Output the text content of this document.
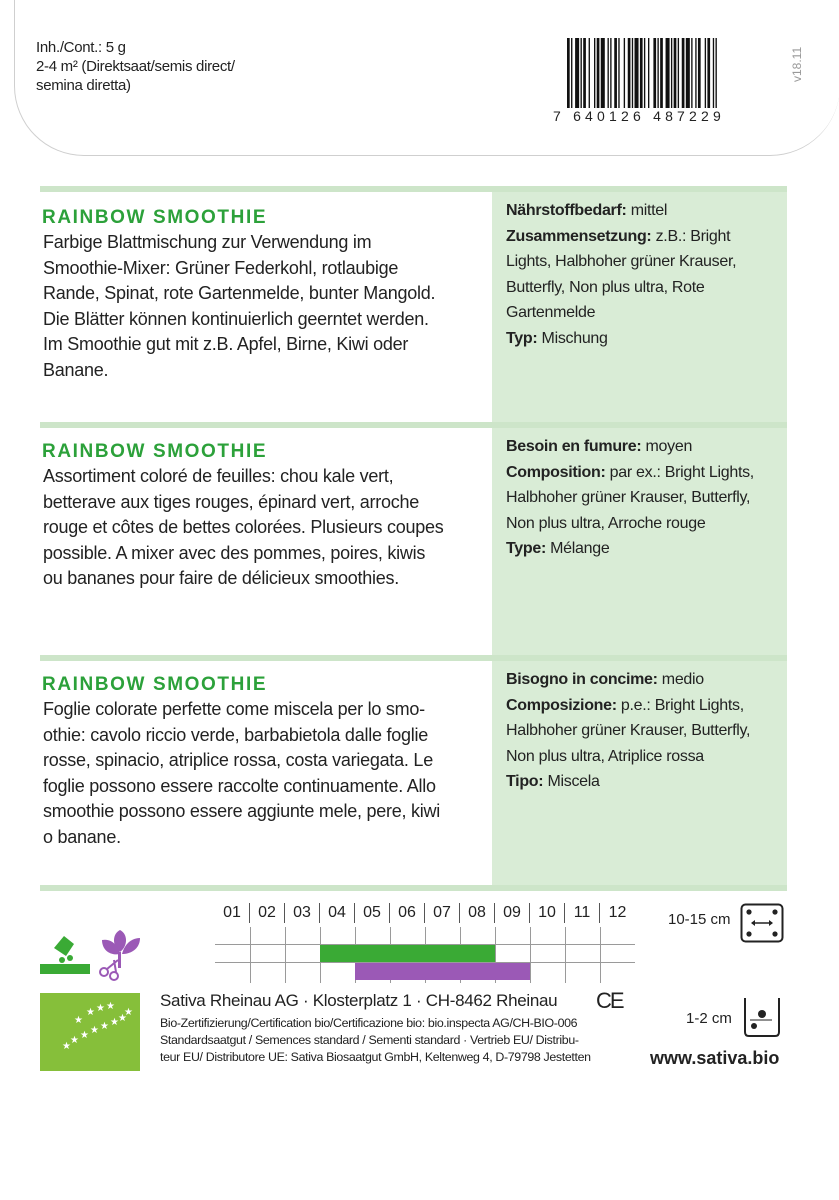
Inh./Cont.: 5 g
2-4 m² (Direktsaat/semis direct/
semina diretta)
7 640126 487229
v18.11
Nährstoffbedarf: mittel
Zusammensetzung: z.B.: Bright
Lights, Halbhoher grüner Krauser,
Butterfly, Non plus ultra, Rote
Gartenmelde
Typ: Mischung
RAINBOW SMOOTHIE
Farbige Blattmischung zur Verwendung im
Smoothie-Mixer: Grüner Federkohl, rotlaubige
Rande, Spinat, rote Gartenmelde, bunter Mangold.
Die Blätter können kontinuierlich geerntet werden.
Im Smoothie gut mit z.B. Apfel, Birne, Kiwi oder
Banane.
Besoin en fumure: moyen
Composition: par ex.: Bright Lights,
Halbhoher grüner Krauser, Butterfly,
Non plus ultra, Arroche rouge
Type: Mélange
RAINBOW SMOOTHIE
Assortiment coloré de feuilles: chou kale vert,
betterave aux tiges rouges, épinard vert, arroche
rouge et côtes de bettes colorées. Plusieurs coupes
possible. A mixer avec des pommes, poires, kiwis
ou bananes pour faire de délicieux smoothies.
Bisogno in concime: medio
Composizione: p.e.: Bright Lights,
Halbhoher grüner Krauser, Butterfly,
Non plus ultra, Atriplice rossa
Tipo: Miscela
RAINBOW SMOOTHIE
Foglie colorate perfette come miscela per lo smo-
othie: cavolo riccio verde, barbabietola dalle foglie
rosse, spinacio, atriplice rossa, costa variegata. Le
foglie possono essere raccolte continuamente. Allo
smoothie possono essere aggiunte mele, pere, kiwi
o banane.
01	02	03	04	05	06	07	08	09	10	11	12	10-15 cm
1-2 cm
★
★ ★ ★ ★ ★ ★
★
★ ★ ★
★
Sativa Rheinau AG · Klosterplatz 1 · CH-8462 Rheinau
Bio-Zertifizierung/Certification bio/Certificazione bio: bio.inspecta AG/CH-BIO-006
Standardsaatgut / Semences standard / Sementi standard · Vertrieb EU/ Distribu-
teur EU/ Distributore UE: Sativa Biosaatgut GmbH, Keltenweg 4, D-79798 Jestetten
CE
www.sativa.bio
